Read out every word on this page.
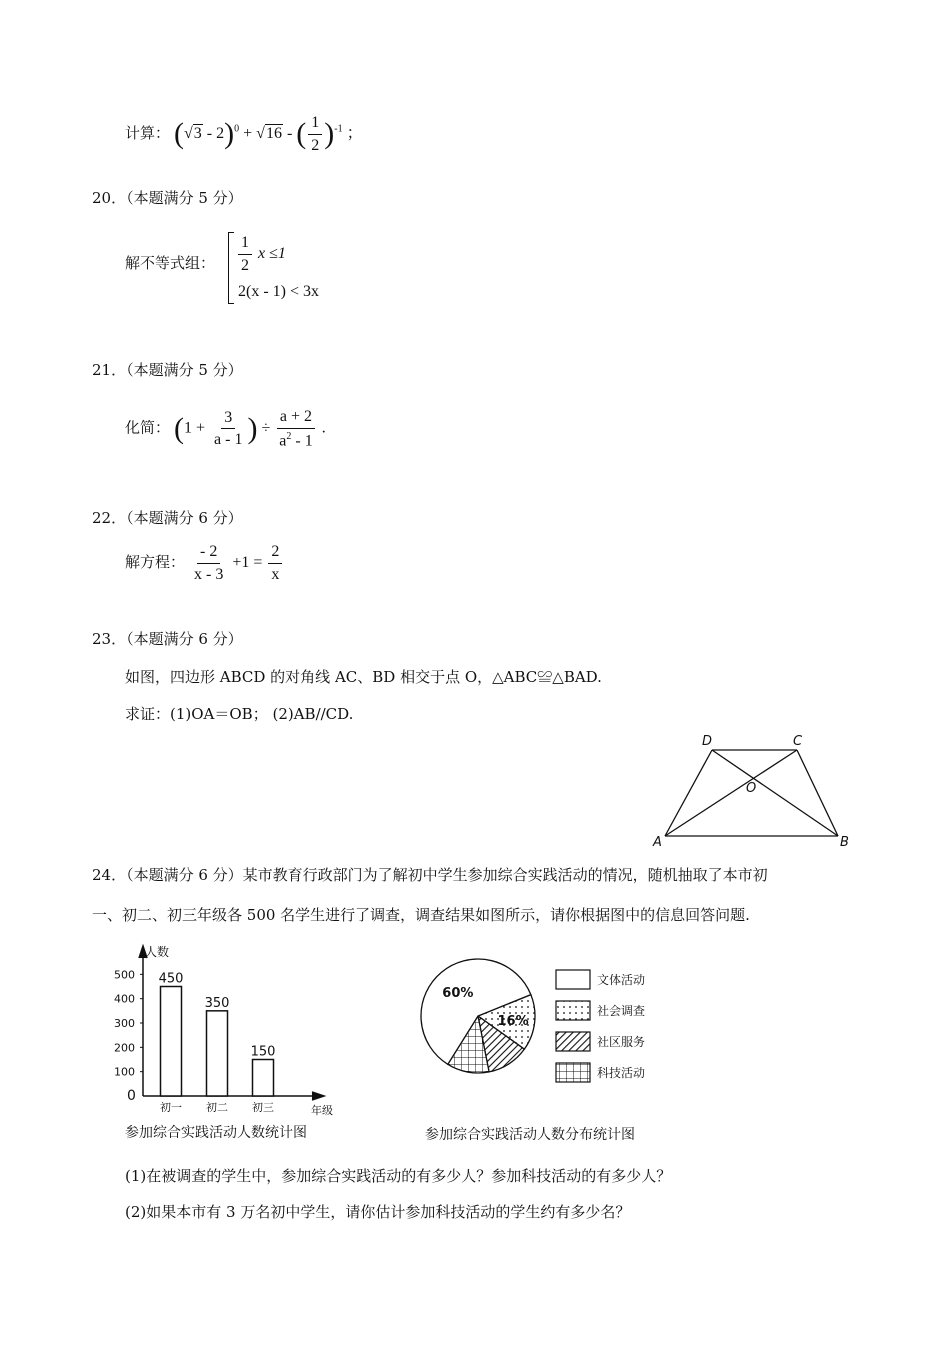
计算： (√3 - 2)$^0$ + √16 - ( $\frac{1}{2} )^{-1}$ ；
20．（本题满分 5 分）
解不等式组： $\frac{1}{2}$ x ≤1
2(x - 1) < 3x
21．（本题满分 5 分）
化简： ($1 + \frac{3}{a - 1}$ ) ÷ $\frac{a + 2}{a^2 - 1}$ .
22．（本题满分 6 分）
解方程： $\frac{- 2}{x - 3} +1 = \frac{2}{x}$
23．（本题满分 6 分）
如图，四边形 ABCD 的对角线 AC、BD 相交于点 O，△ABC≌△BAD.
求证：(1)OA＝OB； (2)AB//CD.
D	C
O
A	B
24．（本题满分 6 分）某市教育行政部门为了解初中学生参加综合实践活动的情况，随机抽取了本市初
一、初二、初三年级各 500 名学生进行了调查，调查结果如图所示，请你根据图中的信息回答问题.
人数
年级
0
100
200
300
400
500 450
初一
350
初二
150
初三
参加综合实践活动人数统计图
16%
60%
文体活动
社会调查
社区服务
科技活动
参加综合实践活动人数分布统计图
(1)在被调查的学生中，参加综合实践活动的有多少人？参加科技活动的有多少人？
(2)如果本市有 3 万名初中学生，请你估计参加科技活动的学生约有多少名？
